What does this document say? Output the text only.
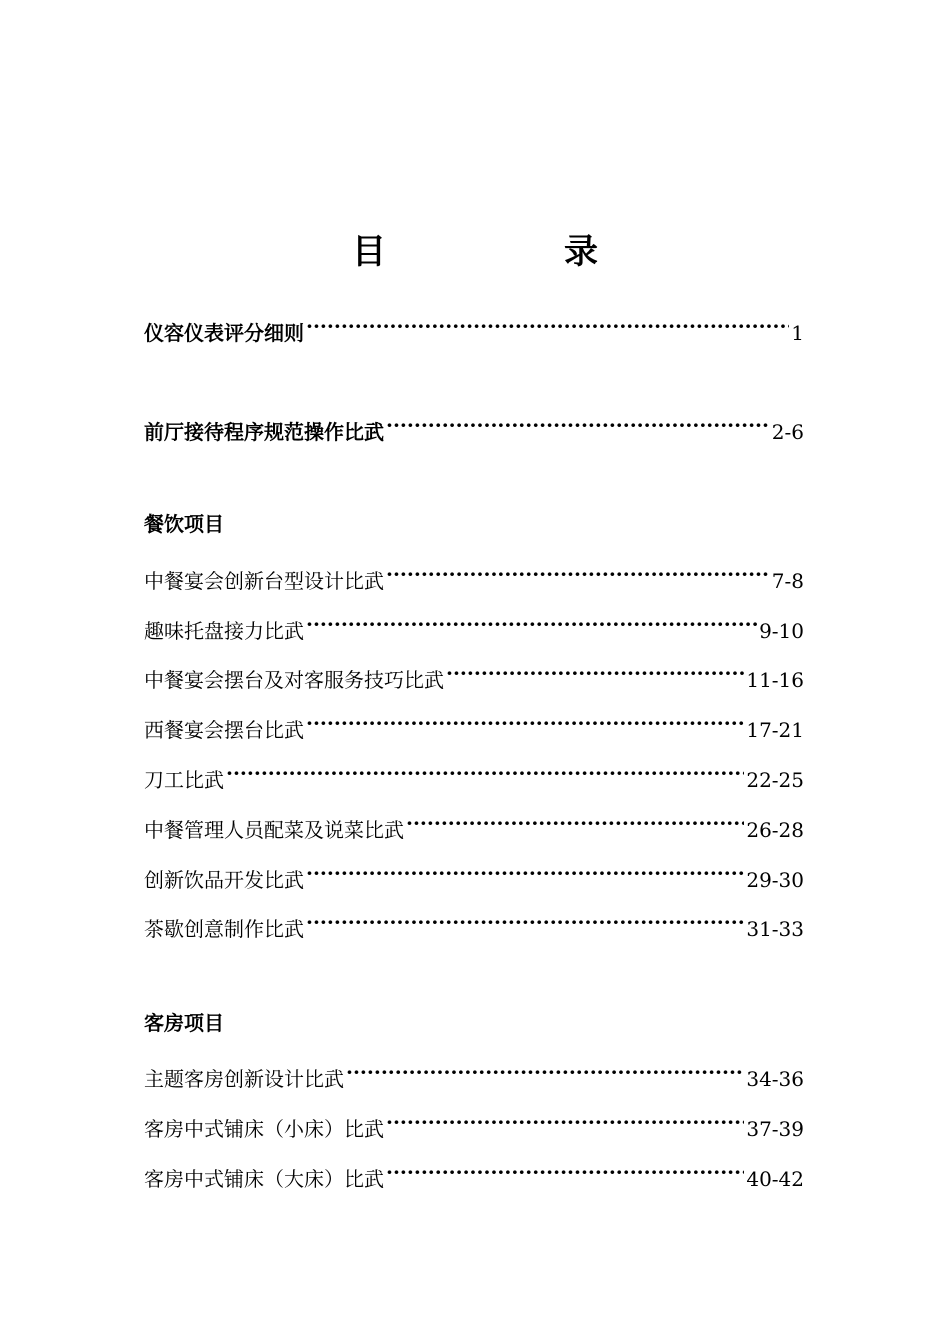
目　录
仪容仪表评分细则 ·····	1
前厅接待程序规范操作比武 ·····	2-6
餐饮项目
中餐宴会创新台型设计比武 ·····	7-8
趣味托盘接力比武 ·····	9-10
中餐宴会摆台及对客服务技巧比武 ·····	11-16
西餐宴会摆台比武 ·····	17-21
刀工比武 ·····	22-25
中餐管理人员配菜及说菜比武 ·····	26-28
创新饮品开发比武 ·····	29-30
茶歇创意制作比武 ·····	31-33
客房项目
主题客房创新设计比武 ·····	34-36
客房中式铺床（小床）比武 ·····	37-39
客房中式铺床（大床）比武 ·····	40-42
